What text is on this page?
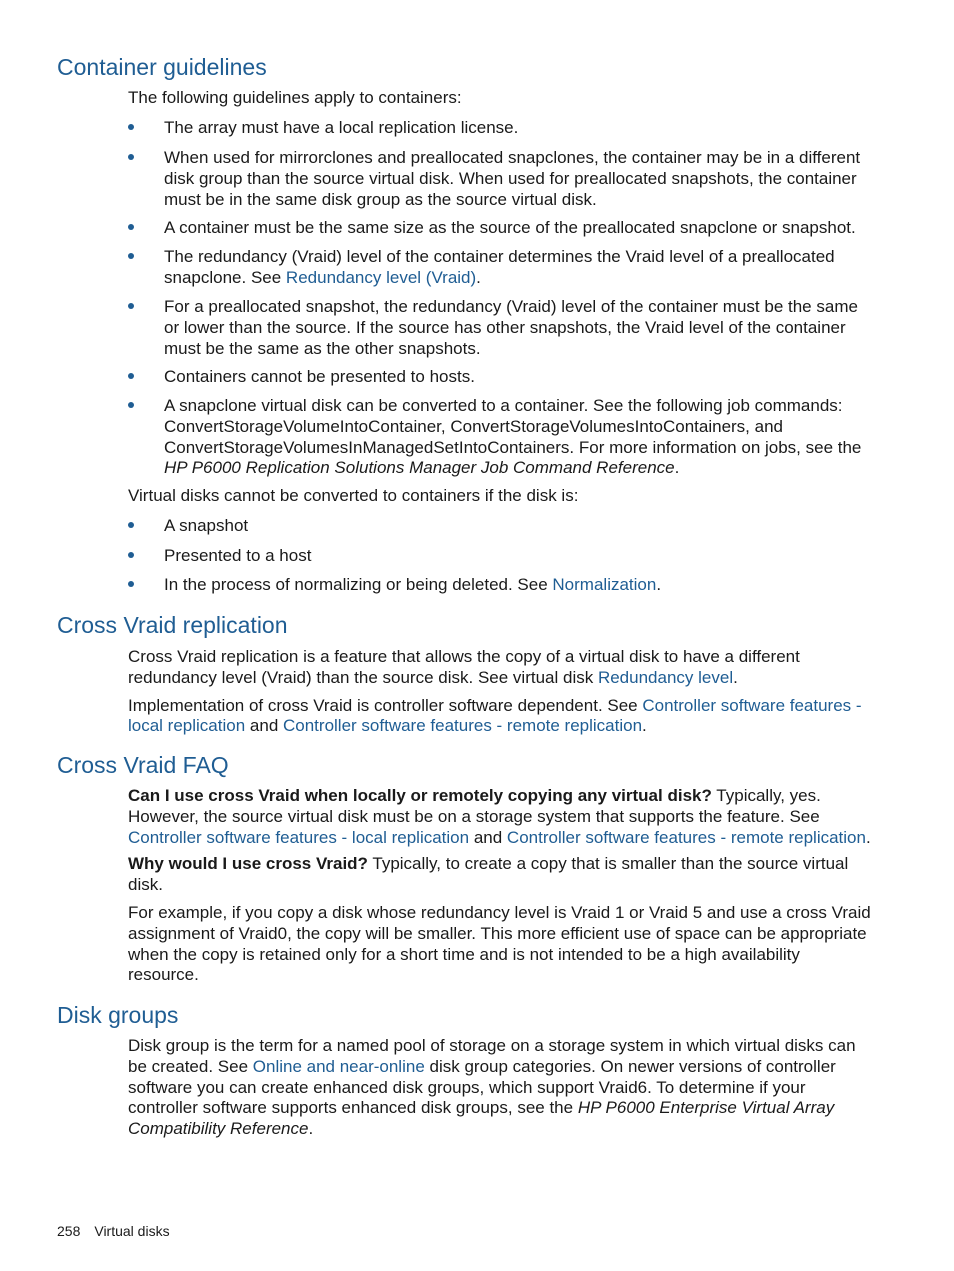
Container guidelines

The following guidelines apply to containers:

The array must have a local replication license.
When used for mirrorclones and preallocated snapclones, the container may be in a different disk group than the source virtual disk. When used for preallocated snapshots, the container must be in the same disk group as the source virtual disk.
A container must be the same size as the source of the preallocated snapclone or snapshot.
The redundancy (Vraid) level of the container determines the Vraid level of a preallocated snapclone. See Redundancy level (Vraid).
For a preallocated snapshot, the redundancy (Vraid) level of the container must be the same or lower than the source. If the source has other snapshots, the Vraid level of the container must be the same as the other snapshots.
Containers cannot be presented to hosts.
A snapclone virtual disk can be converted to a container. See the following job commands: ConvertStorageVolumeIntoContainer, ConvertStorageVolumesIntoContainers, and ConvertStorageVolumesInManagedSetIntoContainers. For more information on jobs, see the HP P6000 Replication Solutions Manager Job Command Reference.

Virtual disks cannot be converted to containers if the disk is:

A snapshot
Presented to a host
In the process of normalizing or being deleted. See Normalization.
Cross Vraid replication

Cross Vraid replication is a feature that allows the copy of a virtual disk to have a different redundancy level (Vraid) than the source disk. See virtual disk Redundancy level.

Implementation of cross Vraid is controller software dependent. See Controller software features - local replication and Controller software features - remote replication.

Cross Vraid FAQ

Can I use cross Vraid when locally or remotely copying any virtual disk? Typically, yes. However, the source virtual disk must be on a storage system that supports the feature. See Controller software features - local replication and Controller software features - remote replication.

Why would I use cross Vraid? Typically, to create a copy that is smaller than the source virtual disk.

For example, if you copy a disk whose redundancy level is Vraid 1 or Vraid 5 and use a cross Vraid assignment of Vraid0, the copy will be smaller. This more efficient use of space can be appropriate when the copy is retained only for a short time and is not intended to be a high availability resource.

Disk groups

Disk group is the term for a named pool of storage on a storage system in which virtual disks can be created. See Online and near-online disk group categories. On newer versions of controller software you can create enhanced disk groups, which support Vraid6. To determine if your controller software supports enhanced disk groups, see the HP P6000 Enterprise Virtual Array Compatibility Reference.

258 Virtual disks
